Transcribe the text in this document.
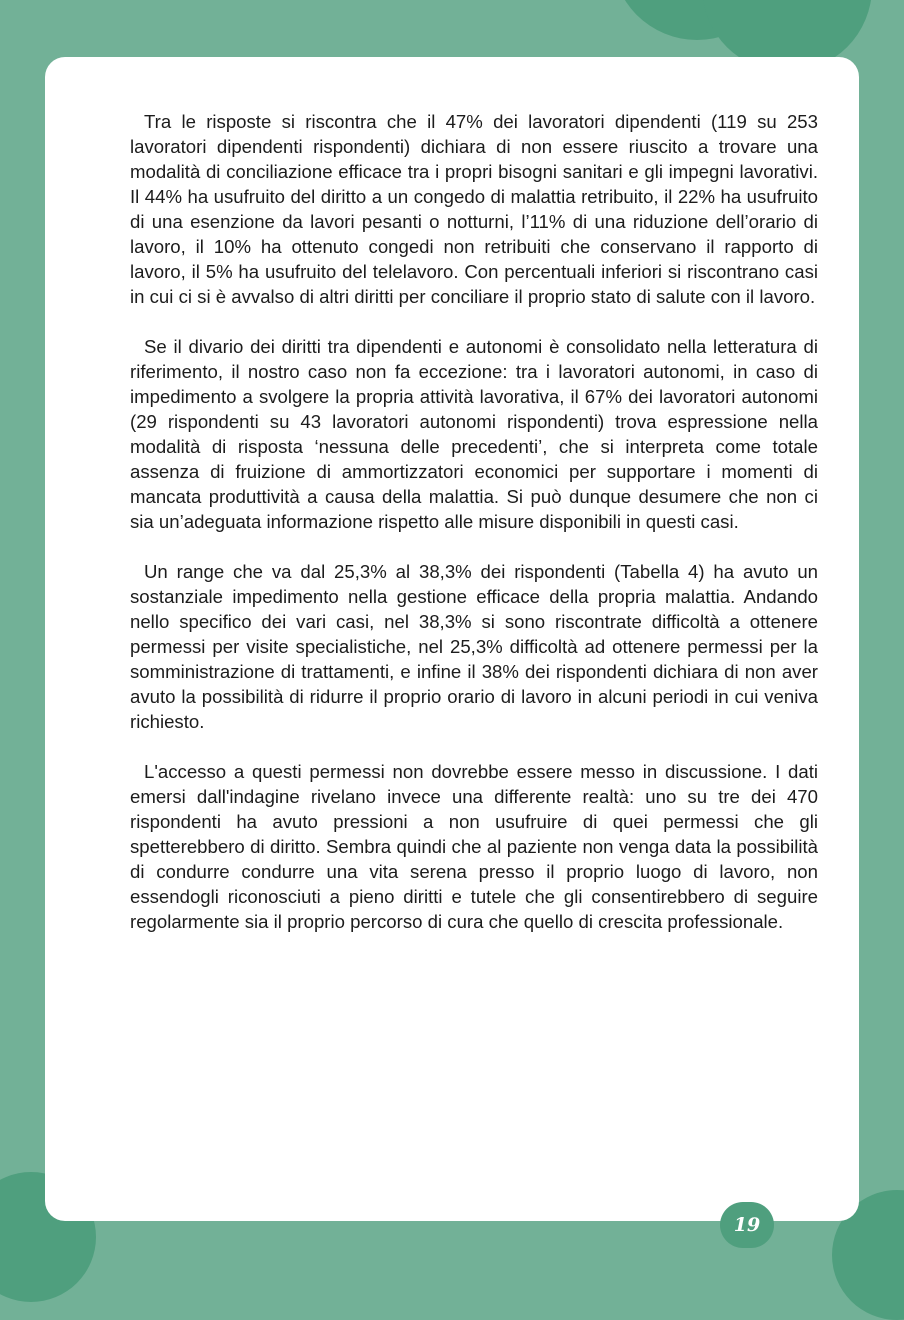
Tra le risposte si riscontra che il 47% dei lavoratori dipendenti (119 su 253 lavoratori dipendenti rispondenti) dichiara di non essere riuscito a trovare una modalità di conciliazione efficace tra i propri bisogni sanitari e gli impegni lavorativi. Il 44% ha usufruito del diritto a un congedo di malattia retribuito, il 22% ha usufruito di una esenzione da lavori pesanti o notturni, l’11% di una riduzione dell’orario di lavoro, il 10% ha ottenuto congedi non retribuiti che conservano il rapporto di lavoro, il 5% ha usufruito del telelavoro. Con percentuali inferiori si riscontrano casi in cui ci si è avvalso di altri diritti per conciliare il proprio stato di salute con il lavoro.

Se il divario dei diritti tra dipendenti e autonomi è consolidato nella letteratura di riferimento, il nostro caso non fa eccezione: tra i lavoratori autonomi, in caso di impedimento a svolgere la propria attività lavorativa, il 67% dei lavoratori autonomi (29 rispondenti su 43 lavoratori autonomi rispondenti) trova espressione nella modalità di risposta ‘nessuna delle precedenti’, che si interpreta come totale assenza di fruizione di ammortizzatori economici per supportare i momenti di mancata produttività a causa della malattia. Si può dunque desumere che non ci sia un’adeguata informazione rispetto alle misure disponibili in questi casi.

Un range che va dal 25,3% al 38,3% dei rispondenti (Tabella 4) ha avuto un sostanziale impedimento nella gestione efficace della propria malattia. Andando nello specifico dei vari casi, nel 38,3% si sono riscontrate difficoltà a ottenere permessi per visite specialistiche, nel 25,3% difficoltà ad ottenere permessi per la somministrazione di trattamenti, e infine il 38% dei rispondenti dichiara di non aver avuto la possibilità di ridurre il proprio orario di lavoro in alcuni periodi in cui veniva richiesto.

L'accesso a questi permessi non dovrebbe essere messo in discussione. I dati emersi dall'indagine rivelano invece una differente realtà: uno su tre dei 470 rispondenti ha avuto pressioni a non usufruire di quei permessi che gli spetterebbero di diritto. Sembra quindi che al paziente non venga data la possibilità di condurre condurre una vita serena presso il proprio luogo di lavoro, non essendogli riconosciuti a pieno diritti e tutele che gli consentirebbero di seguire regolarmente sia il proprio percorso di cura che quello di crescita professionale.

19
